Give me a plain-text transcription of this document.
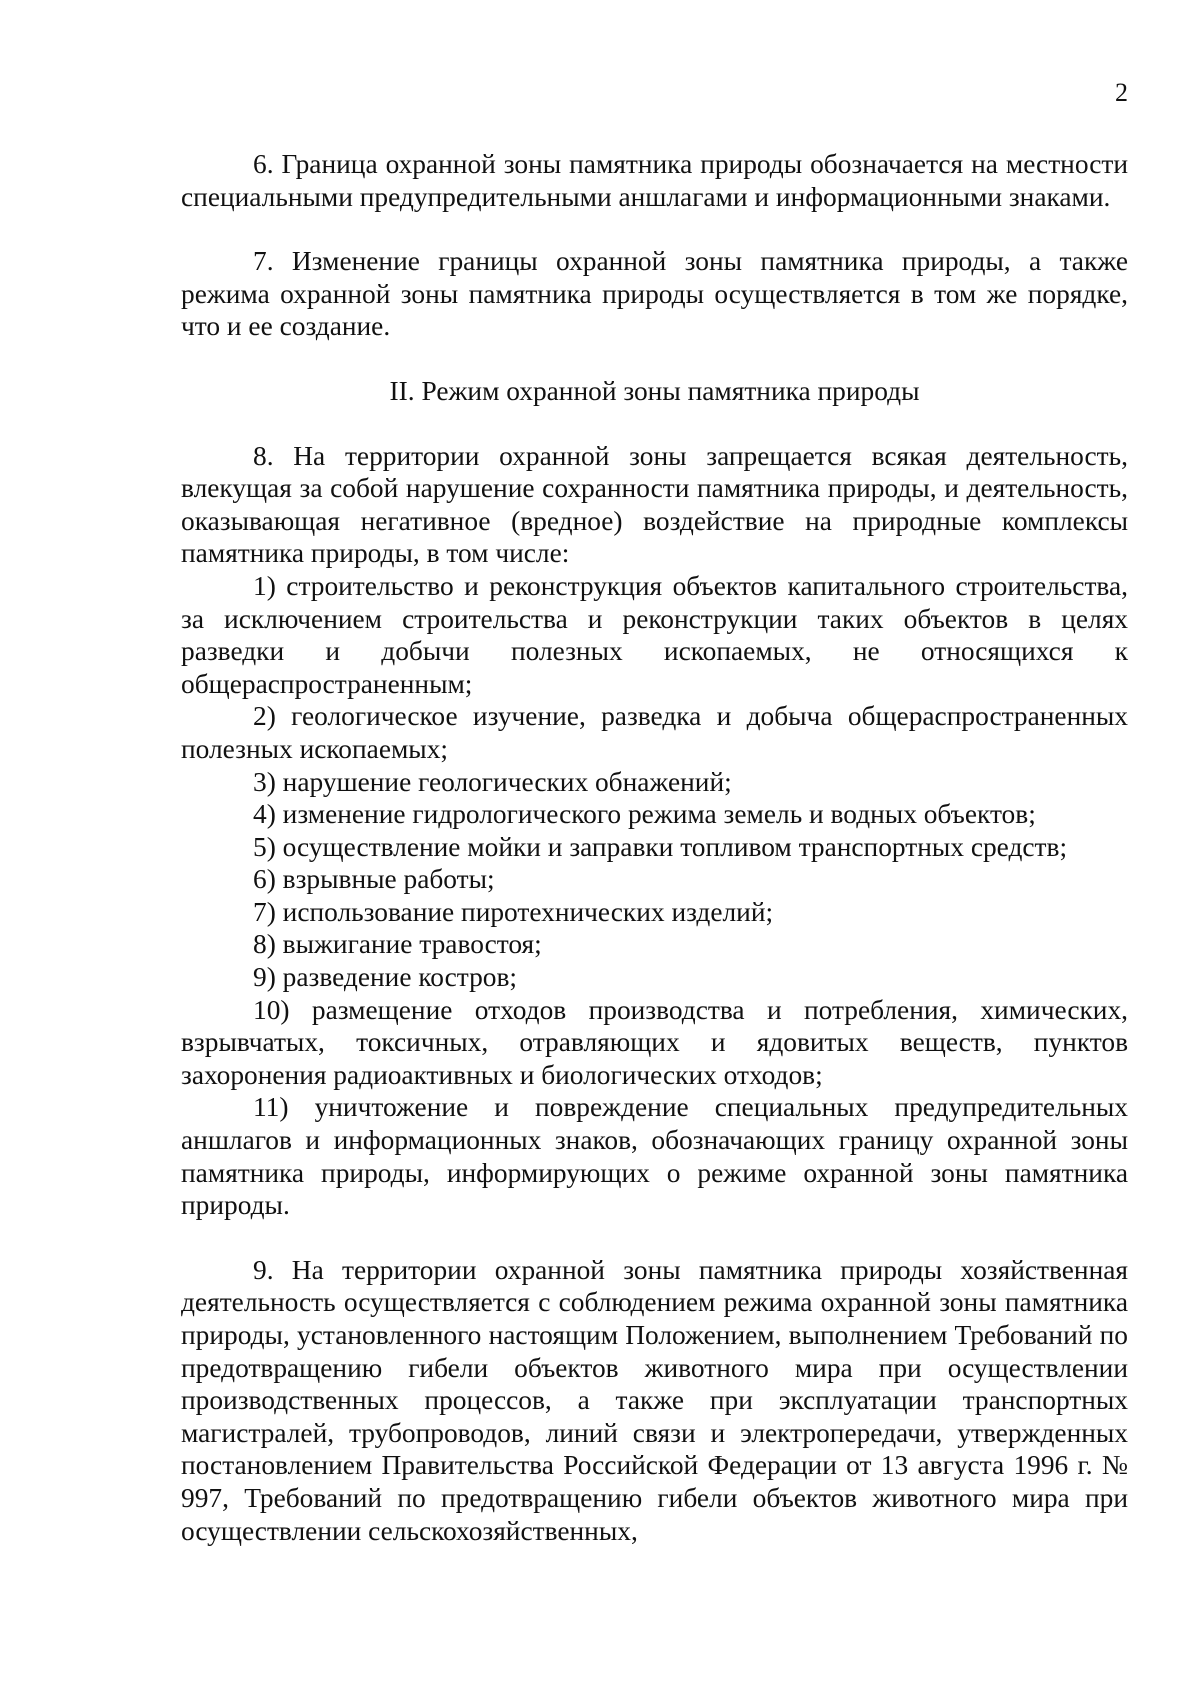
2

6. Граница охранной зоны памятника природы обозначается на местности специальными предупредительными аншлагами и информационными знаками.

7. Изменение границы охранной зоны памятника природы, а также режима охранной зоны памятника природы осуществляется в том же порядке, что и ее создание.

II. Режим охранной зоны памятника природы

8. На территории охранной зоны запрещается всякая деятельность, влекущая за собой нарушение сохранности памятника природы, и деятельность, оказывающая негативное (вредное) воздействие на природные комплексы памятника природы, в том числе:

1) строительство и реконструкция объектов капитального строительства, за исключением строительства и реконструкции таких объектов в целях разведки и добычи полезных ископаемых, не относящихся к общераспространенным;

2) геологическое изучение, разведка и добыча общераспространенных полезных ископаемых;

3) нарушение геологических обнажений;

4) изменение гидрологического режима земель и водных объектов;

5) осуществление мойки и заправки топливом транспортных средств;

6) взрывные работы;

7) использование пиротехнических изделий;

8) выжигание травостоя;

9) разведение костров;

10) размещение отходов производства и потребления, химических, взрывчатых, токсичных, отравляющих и ядовитых веществ, пунктов захоронения радиоактивных и биологических отходов;

11) уничтожение и повреждение специальных предупредительных аншлагов и информационных знаков, обозначающих границу охранной зоны памятника природы, информирующих о режиме охранной зоны памятника природы.

9. На территории охранной зоны памятника природы хозяйственная деятельность осуществляется с соблюдением режима охранной зоны памятника природы, установленного настоящим Положением, выполнением Требований по предотвращению гибели объектов животного мира при осуществлении производственных процессов, а также при эксплуатации транспортных магистралей, трубопроводов, линий связи и электропередачи, утвержденных постановлением Правительства Российской Федерации от 13 августа 1996 г. № 997, Требований по предотвращению гибели объектов животного мира при осуществлении сельскохозяйственных,
